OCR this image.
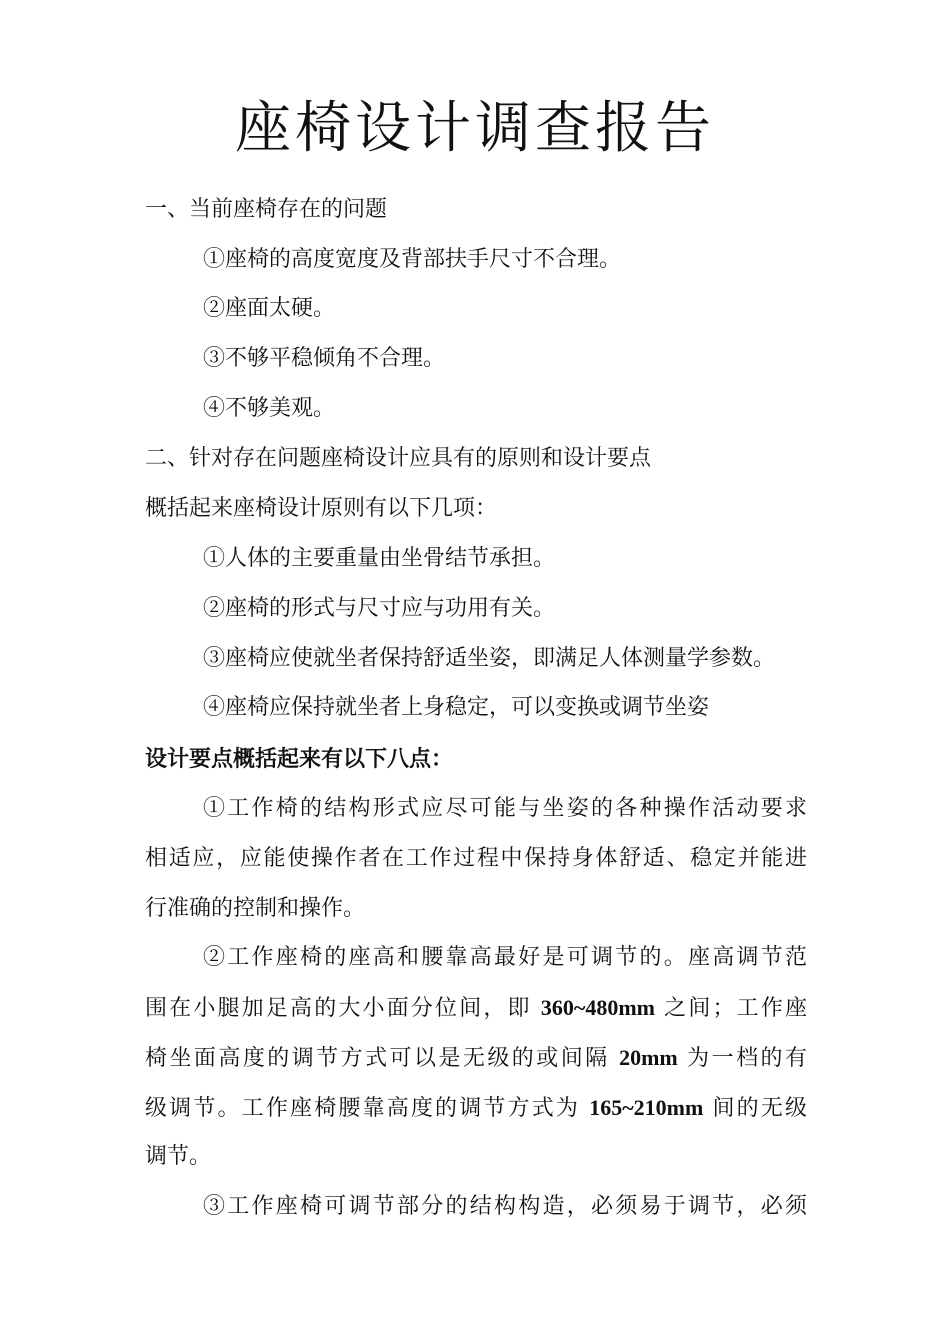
座椅设计调查报告
一、当前座椅存在的问题
①座椅的高度宽度及背部扶手尺寸不合理。
②座面太硬。
③不够平稳倾角不合理。
④不够美观。
二、针对存在问题座椅设计应具有的原则和设计要点
概括起来座椅设计原则有以下几项：
①人体的主要重量由坐骨结节承担。
②座椅的形式与尺寸应与功用有关。
③座椅应使就坐者保持舒适坐姿，即满足人体测量学参数。
④座椅应保持就坐者上身稳定，可以变换或调节坐姿
设计要点概括起来有以下八点：
①工作椅的结构形式应尽可能与坐姿的各种操作活动要求
相适应，应能使操作者在工作过程中保持身体舒适、稳定并能进
行准确的控制和操作。
②工作座椅的座高和腰靠高最好是可调节的。座高调节范
围在小腿加足高的大小面分位间，即 360~480mm 之间；工作座
椅坐面高度的调节方式可以是无级的或间隔 20mm 为一档的有
级调节。工作座椅腰靠高度的调节方式为 165~210mm 间的无级
调节。
③工作座椅可调节部分的结构构造，必须易于调节，必须
